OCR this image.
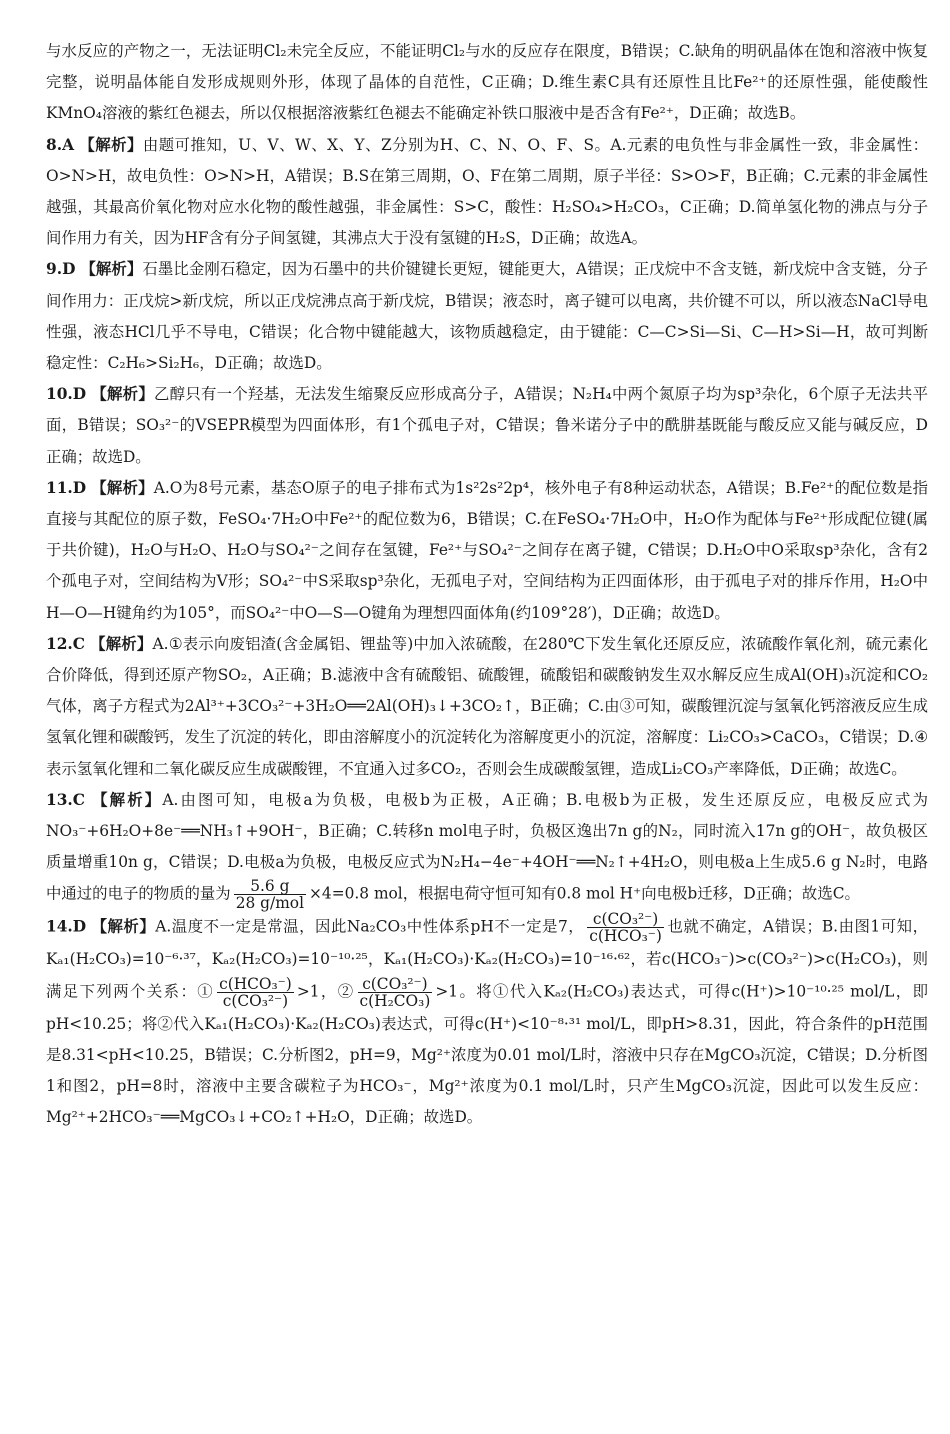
与水反应的产物之一，无法证明Cl₂未完全反应，不能证明Cl₂与水的反应存在限度，B错误；C.缺角的明矾晶体在饱和溶液中恢复完整，说明晶体能自发形成规则外形，体现了晶体的自范性，C正确；D.维生素C具有还原性且比Fe²⁺的还原性强，能使酸性KMnO₄溶液的紫红色褪去，所以仅根据溶液紫红色褪去不能确定补铁口服液中是否含有Fe²⁺，D正确；故选B。

8.A 【解析】由题可推知，U、V、W、X、Y、Z分别为H、C、N、O、F、S。A.元素的电负性与非金属性一致，非金属性：O>N>H，故电负性：O>N>H，A错误；B.S在第三周期，O、F在第二周期，原子半径：S>O>F，B正确；C.元素的非金属性越强，其最高价氧化物对应水化物的酸性越强，非金属性：S>C，酸性：H₂SO₄>H₂CO₃，C正确；D.简单氢化物的沸点与分子间作用力有关，因为HF含有分子间氢键，其沸点大于没有氢键的H₂S，D正确；故选A。

9.D 【解析】石墨比金刚石稳定，因为石墨中的共价键键长更短，键能更大，A错误；正戊烷中不含支链，新戊烷中含支链，分子间作用力：正戊烷>新戊烷，所以正戊烷沸点高于新戊烷，B错误；液态时，离子键可以电离，共价键不可以，所以液态NaCl导电性强，液态HCl几乎不导电，C错误；化合物中键能越大，该物质越稳定，由于键能：C—C>Si—Si、C—H>Si—H，故可判断稳定性：C₂H₆>Si₂H₆，D正确；故选D。

10.D 【解析】乙醇只有一个羟基，无法发生缩聚反应形成高分子，A错误；N₂H₄中两个氮原子均为sp³杂化，6个原子无法共平面，B错误；SO₃²⁻的VSEPR模型为四面体形，有1个孤电子对，C错误；鲁米诺分子中的酰肼基既能与酸反应又能与碱反应，D正确；故选D。

11.D 【解析】A.O为8号元素，基态O原子的电子排布式为1s²2s²2p⁴，核外电子有8种运动状态，A错误；B.Fe²⁺的配位数是指直接与其配位的原子数，FeSO₄·7H₂O中Fe²⁺的配位数为6，B错误；C.在FeSO₄·7H₂O中，H₂O作为配体与Fe²⁺形成配位键(属于共价键)，H₂O与H₂O、H₂O与SO₄²⁻之间存在氢键，Fe²⁺与SO₄²⁻之间存在离子键，C错误；D.H₂O中O采取sp³杂化，含有2个孤电子对，空间结构为V形；SO₄²⁻中S采取sp³杂化，无孤电子对，空间结构为正四面体形，由于孤电子对的排斥作用，H₂O中H—O—H键角约为105°，而SO₄²⁻中O—S—O键角为理想四面体角(约109°28′)，D正确；故选D。

12.C 【解析】A.①表示向废铝渣(含金属铝、锂盐等)中加入浓硫酸，在280℃下发生氧化还原反应，浓硫酸作氧化剂，硫元素化合价降低，得到还原产物SO₂，A正确；B.滤液中含有硫酸铝、硫酸锂，硫酸铝和碳酸钠发生双水解反应生成Al(OH)₃沉淀和CO₂气体，离子方程式为2Al³⁺+3CO₃²⁻+3H₂O══2Al(OH)₃↓+3CO₂↑，B正确；C.由③可知，碳酸锂沉淀与氢氧化钙溶液反应生成氢氧化锂和碳酸钙，发生了沉淀的转化，即由溶解度小的沉淀转化为溶解度更小的沉淀，溶解度：Li₂CO₃>CaCO₃，C错误；D.④表示氢氧化锂和二氧化碳反应生成碳酸锂，不宜通入过多CO₂，否则会生成碳酸氢锂，造成Li₂CO₃产率降低，D正确；故选C。

13.C 【解析】A.由图可知，电极a为负极，电极b为正极，A正确；B.电极b为正极，发生还原反应，电极反应式为NO₃⁻+6H₂O+8e⁻══NH₃↑+9OH⁻，B正确；C.转移n mol电子时，负极区逸出7n g的N₂，同时流入17n g的OH⁻，故负极区质量增重10n g，C错误；D.电极a为负极，电极反应式为N₂H₄−4e⁻+4OH⁻══N₂↑+4H₂O，则电极a上生成5.6 g N₂时，电路中通过的电子的物质的量为 $\frac{5.6 g}{\text{28 g/mol}} \times 4=0.8$ mol，根据电荷守恒可知有0.8 mol H⁺向电极b迁移，D正确；故选C。

14.D 【解析】A.温度不一定是常温，因此Na₂CO₃中性体系pH不一定是7， $\frac{\text{c(CO₃²⁻)}}{\text{c(HCO₃⁻)}}$ 也就不确定，A错误；B.由图1可知，Kₐ₁(H₂CO₃)=10⁻⁶·³⁷，Kₐ₂(H₂CO₃)=10⁻¹⁰·²⁵，Kₐ₁(H₂CO₃)·Kₐ₂(H₂CO₃)=10⁻¹⁶·⁶²，若c(HCO₃⁻)>c(CO₃²⁻)>c(H₂CO₃)，则满足下列两个关系：① $\frac{\text{c(HCO₃⁻)}}{\text{c(CO₃²⁻)}} >1$，② $\frac{\text{c(CO₃²⁻)}}{\text{c(H₂CO₃)}} >1$。将①代入Kₐ₂(H₂CO₃)表达式，可得c(H⁺)>10⁻¹⁰·²⁵ mol/L，即pH<10.25；将②代入Kₐ₁(H₂CO₃)·Kₐ₂(H₂CO₃)表达式，可得c(H⁺)<10⁻⁸·³¹ mol/L，即pH>8.31，因此，符合条件的pH范围是8.31<pH<10.25，B错误；C.分析图2，pH=9，Mg²⁺浓度为0.01 mol/L时，溶液中只存在MgCO₃沉淀，C错误；D.分析图1和图2，pH=8时，溶液中主要含碳粒子为HCO₃⁻，Mg²⁺浓度为0.1 mol/L时，只产生MgCO₃沉淀，因此可以发生反应：Mg²⁺+2HCO₃⁻══MgCO₃↓+CO₂↑+H₂O，D正确；故选D。
